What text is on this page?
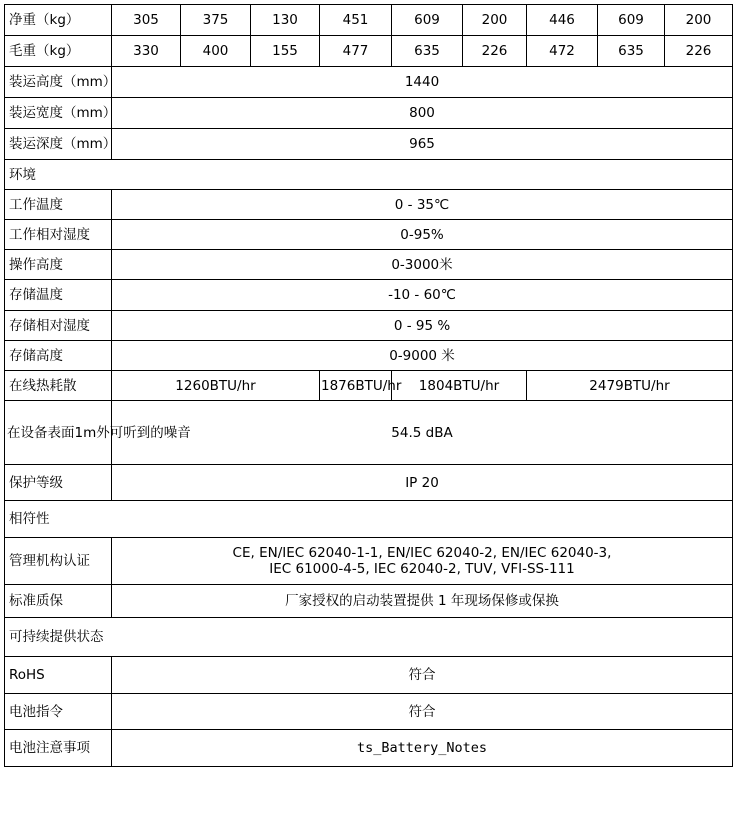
净重（kg）	305	375	130	451	609	200	446	609	200
毛重（kg）	330	400	155	477	635	226	472	635	226
装运高度（mm）	1440								
装运宽度（mm）	800								
装运深度（mm）	965								
环境									
工作温度	0 - 35℃								
工作相对湿度	0-95%								
操作高度	0-3000米								
存储温度	-10 - 60℃								
存储相对湿度	0 - 95 %								
存储高度	0-9000 米								
在线热耗散	1260BTU/hr			1876BTU/hr	1804BTU/hr		2479BTU/hr		
在设备表面1m外可听到的噪音	54.5 dBA								
保护等级	IP 20								
相符性									
管理机构认证	CE, EN/IEC 62040-1-1, EN/IEC 62040-2, EN/IEC 62040-3,
IEC 61000-4-5, IEC 62040-2, TUV, VFI-SS-111								

标准质保	厂家授权的启动装置提供 1 年现场保修或保换								
可持续提供状态									
RoHS	符合								
电池指令	符合								
电池注意事项	ts_Battery_Notes								
